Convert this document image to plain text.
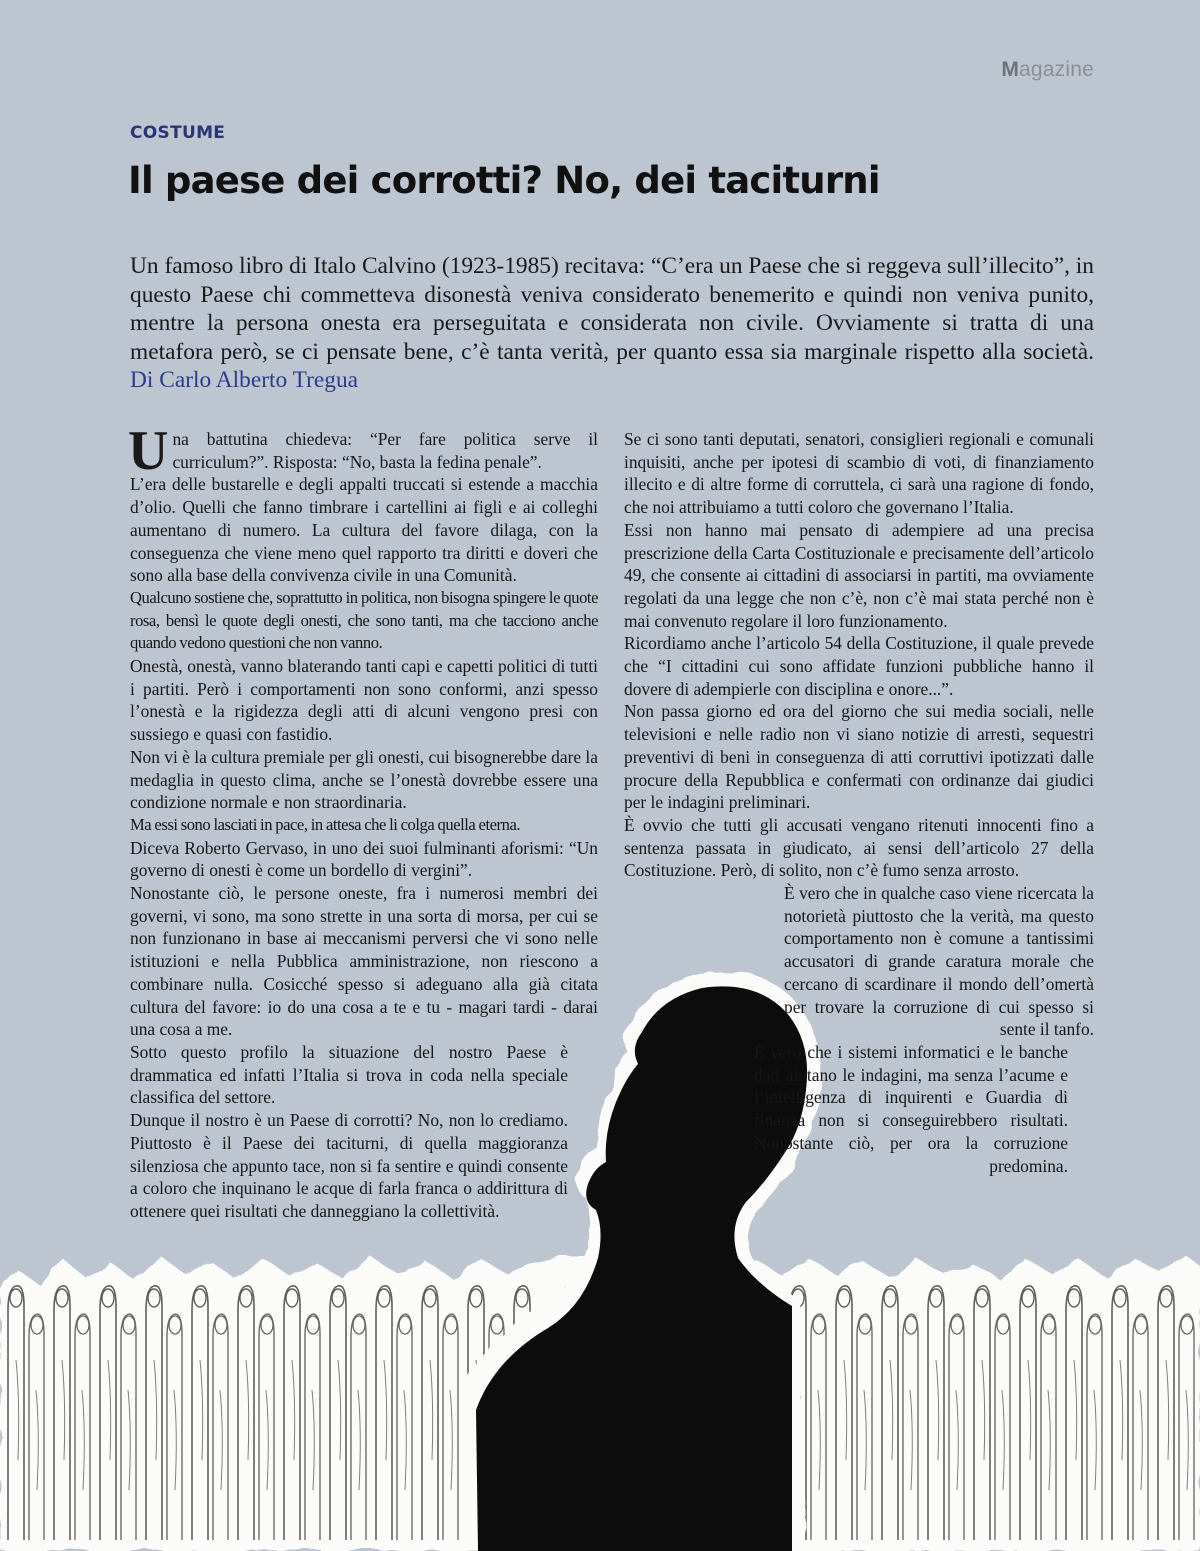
Magazine
COSTUME
Il paese dei corrotti? No, dei taciturni

Un famoso libro di Italo Calvino (1923-1985) recitava: “C’era un Paese che si reggeva sull’illecito”, in questo Paese chi commetteva disonestà veniva considerato benemerito e quindi non veniva punito, mentre la persona onesta era perseguitata e considerata non civile. Ovviamente si tratta di una metafora però, se ci pensate bene, c’è tanta verità, per quanto essa sia marginale rispetto alla società. Di Carlo Alberto Tregua

Una battutina chiedeva: “Per fare politica serve il curriculum?”. Risposta: “No, basta la fedina penale”.

L’era delle bustarelle e degli appalti truccati si estende a macchia d’olio. Quelli che fanno timbrare i cartellini ai figli e ai colleghi aumentano di numero. La cultura del favore dilaga, con la conseguenza che viene meno quel rapporto tra diritti e doveri che sono alla base della convivenza civile in una Comunità.

Qualcuno sostiene che, soprattutto in politica, non bisogna spingere le quote rosa, bensì le quote degli onesti, che sono tanti, ma che tacciono anche quando vedono questioni che non vanno.

Onestà, onestà, vanno blaterando tanti capi e capetti politici di tutti i partiti. Però i comportamenti non sono conformi, anzi spesso l’onestà e la rigidezza degli atti di alcuni vengono presi con sussiego e quasi con fastidio.

Non vi è la cultura premiale per gli onesti, cui bisognerebbe dare la medaglia in questo clima, anche se l’onestà dovrebbe essere una condizione normale e non straordinaria.

Ma essi sono lasciati in pace, in attesa che li colga quella eterna.

Diceva Roberto Gervaso, in uno dei suoi fulminanti aforismi: “Un governo di onesti è come un bordello di vergini”.

Nonostante ciò, le persone oneste, fra i numerosi membri dei governi, vi sono, ma sono strette in una sorta di morsa, per cui se non funzionano in base ai meccanismi perversi che vi sono nelle istituzioni e nella Pubblica amministrazione, non riescono a combinare nulla. Cosicché spesso si adeguano alla già citata cultura del favore: io do una cosa a te e tu - magari tardi - darai una cosa a me.

Sotto questo profilo la situazione del nostro Paese è drammatica ed infatti l’Italia si trova in coda nella speciale classifica del settore.

Dunque il nostro è un Paese di corrotti? No, non lo crediamo. Piuttosto è il Paese dei taciturni, di quella maggioranza silenziosa che appunto tace, non si fa sentire e quindi consente a coloro che inquinano le acque di farla franca o addirittura di ottenere quei risultati che danneggiano la collettività.

Se ci sono tanti deputati, senatori, consiglieri regionali e comunali inquisiti, anche per ipotesi di scambio di voti, di finanziamento illecito e di altre forme di corruttela, ci sarà una ragione di fondo, che noi attribuiamo a tutti coloro che governano l’Italia.

Essi non hanno mai pensato di adempiere ad una precisa prescrizione della Carta Costituzionale e precisamente dell’articolo 49, che consente ai cittadini di associarsi in partiti, ma ovviamente regolati da una legge che non c’è, non c’è mai stata perché non è mai convenuto regolare il loro funzionamento.

Ricordiamo anche l’articolo 54 della Costituzione, il quale prevede che “I cittadini cui sono affidate funzioni pubbliche hanno il dovere di adempierle con disciplina e onore...”.

Non passa giorno ed ora del giorno che sui media sociali, nelle televisioni e nelle radio non vi siano notizie di arresti, sequestri preventivi di beni in conseguenza di atti corruttivi ipotizzati dalle procure della Repubblica e confermati con ordinanze dai giudici per le indagini preliminari.

È ovvio che tutti gli accusati vengano ritenuti innocenti fino a sentenza passata in giudicato, ai sensi dell’articolo 27 della Costituzione. Però, di solito, non c’è fumo senza arrosto.

È vero che in qualche caso viene ricercata la notorietà piuttosto che la verità, ma questo comportamento non è comune a tantissimi accusatori di grande caratura morale che cercano di scardinare il mondo dell’omertà per trovare la corruzione di cui spesso si sente il tanfo.

È vero che i sistemi informatici e le banche dati aiutano le indagini, ma senza l’acume e l’intelligenza di inquirenti e Guardia di finanza non si conseguirebbero risultati. Nonostante ciò, per ora la corruzione predomina.
